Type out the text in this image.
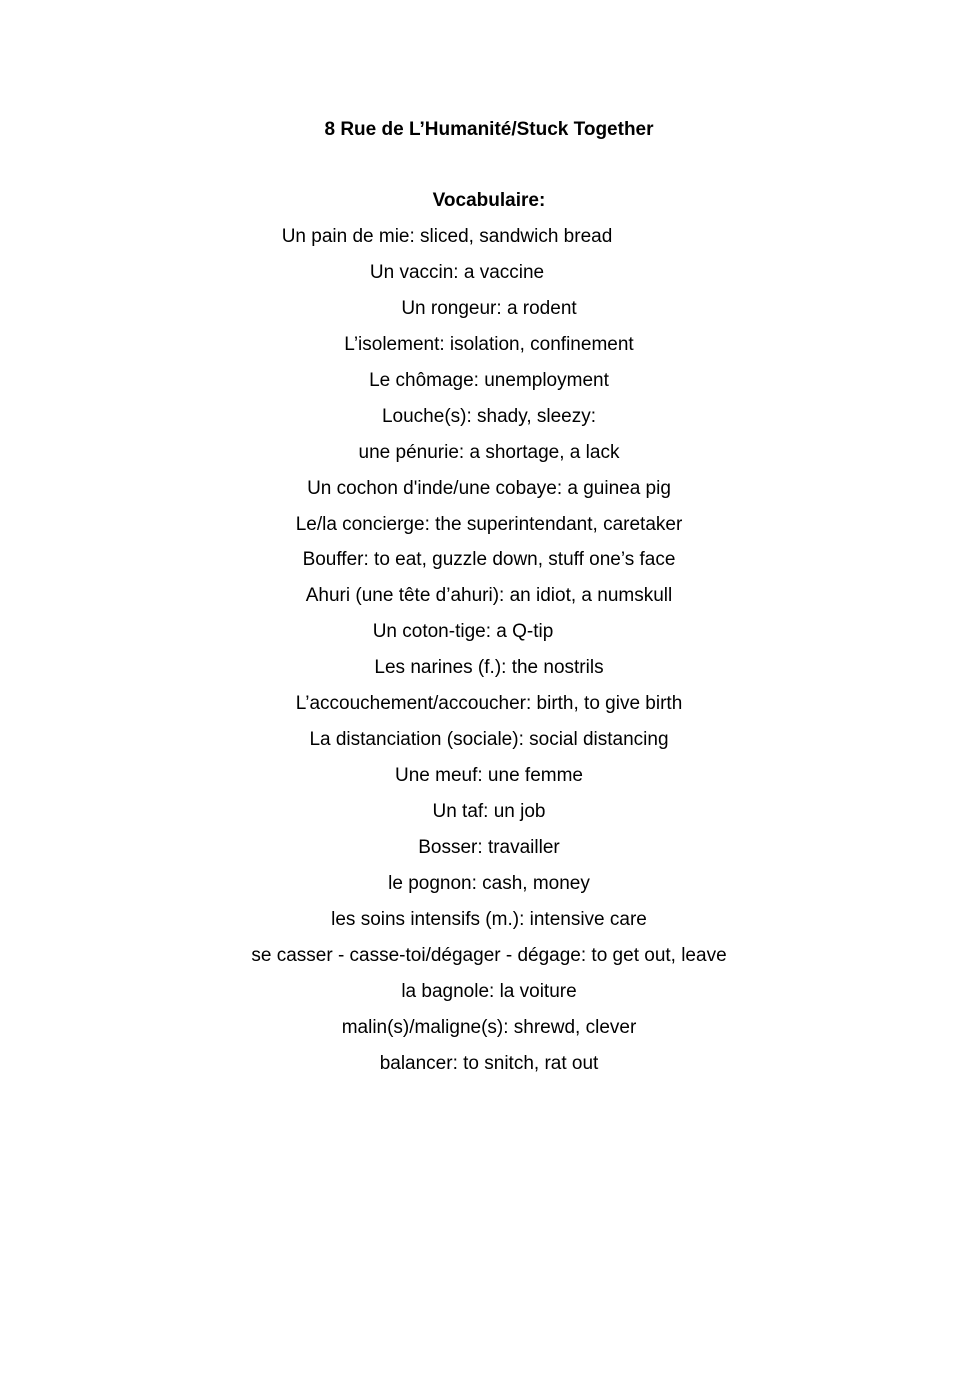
8 Rue de L’Humanité/Stuck Together
Vocabulaire:
Un pain de mie: sliced, sandwich bread
Un vaccin: a vaccine
Un rongeur: a rodent
L’isolement: isolation, confinement
Le chômage: unemployment
Louche(s): shady, sleezy:
une pénurie: a shortage, a lack
Un cochon d'inde/une cobaye: a guinea pig
Le/la concierge: the superintendant, caretaker
Bouffer: to eat, guzzle down, stuff one’s face
Ahuri (une tête d’ahuri): an idiot, a numskull
Un coton-tige: a Q-tip
Les narines (f.): the nostrils
L’accouchement/accoucher: birth, to give birth
La distanciation (sociale): social distancing
Une meuf: une femme
Un taf: un job
Bosser: travailler
le pognon: cash, money
les soins intensifs (m.): intensive care
se casser - casse-toi/dégager - dégage: to get out, leave
la bagnole: la voiture
malin(s)/maligne(s): shrewd, clever
balancer: to snitch, rat out
